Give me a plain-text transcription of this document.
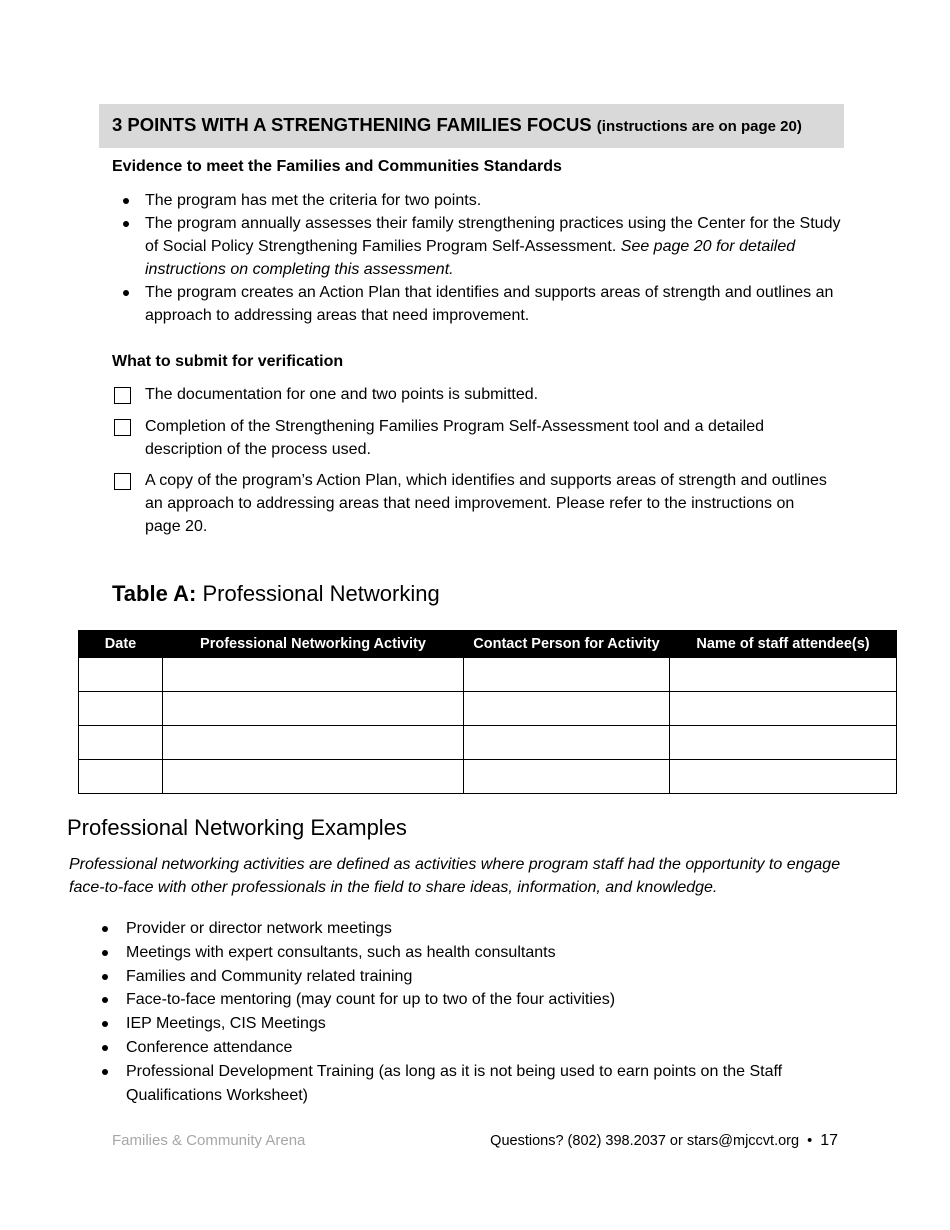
3 POINTS WITH A STRENGTHENING FAMILIES FOCUS (instructions are on page 20)
Evidence to meet the Families and Communities Standards
The program has met the criteria for two points.
The program annually assesses their family strengthening practices using the Center for the Study of Social Policy Strengthening Families Program Self-Assessment. See page 20 for detailed instructions on completing this assessment.
The program creates an Action Plan that identifies and supports areas of strength and outlines an approach to addressing areas that need improvement.
What to submit for verification
The documentation for one and two points is submitted.
Completion of the Strengthening Families Program Self-Assessment tool and a detailed description of the process used.
A copy of the program’s Action Plan, which identifies and supports areas of strength and outlines an approach to addressing areas that need improvement. Please refer to the instructions on page 20.
Table A: Professional Networking
Date	Professional Networking Activity	Contact Person for Activity	Name of staff attendee(s)

Professional Networking Examples
Professional networking activities are defined as activities where program staff had the opportunity to engage face-to-face with other professionals in the field to share ideas, information, and knowledge.
Provider or director network meetings
Meetings with expert consultants, such as health consultants
Families and Community related training
Face-to-face mentoring (may count for up to two of the four activities)
IEP Meetings, CIS Meetings
Conference attendance
Professional Development Training (as long as it is not being used to earn points on the Staff Qualifications Worksheet)
Families & Community Arena	Questions? (802) 398.2037 or stars@mjccvt.org • 17
